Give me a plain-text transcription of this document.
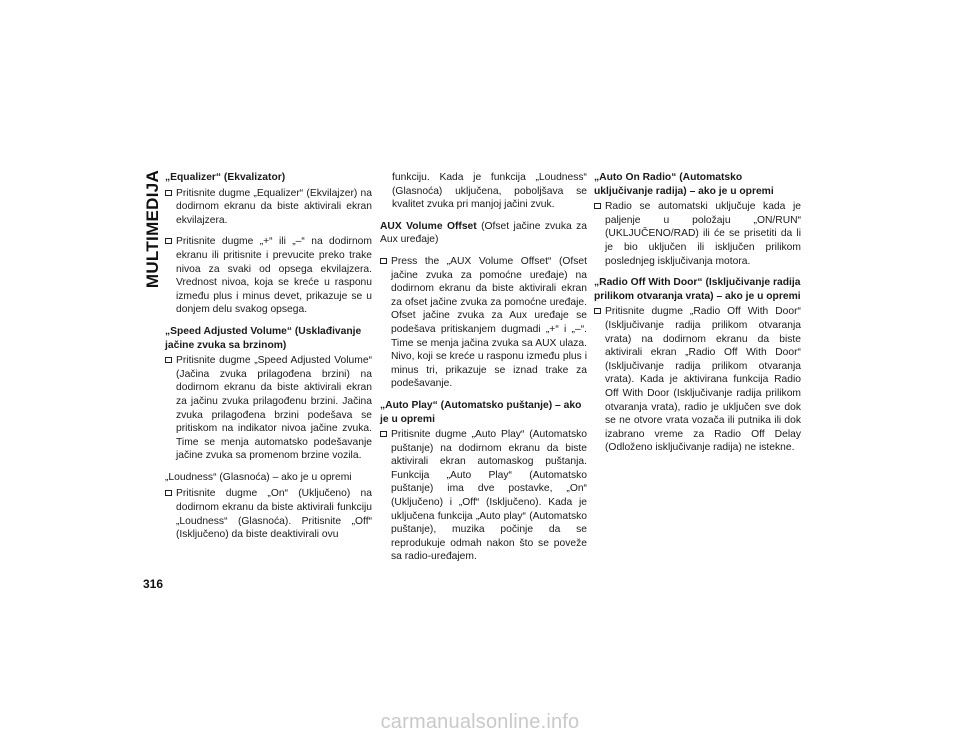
MULTIMEDIJA „Equalizer“ (Ekvalizator)
Pritisnite dugme „Equalizer“ (Ekvilajzer) na dodirnom ekranu da biste aktivirali ekran ekvilajzera.
Pritisnite dugme „+“ ili „–“ na dodirnom ekranu ili pritisnite i prevucite preko trake nivoa za svaki od opsega ekvilajzera. Vrednost nivoa, koja se kreće u rasponu između plus i minus devet, prikazuje se u donjem delu svakog opsega.
„Speed Adjusted Volume“ (Usklađivanje jačine zvuka sa brzinom)
Pritisnite dugme „Speed Adjusted Volume“ (Jačina zvuka prilagođena brzini) na dodirnom ekranu da biste aktivirali ekran za jačinu zvuka prilagođenu brzini. Jačina zvuka prilagođena brzini podešava se pritiskom na indikator nivoa jačine zvuka. Time se menja automatsko podešavanje jačine zvuka sa promenom brzine vozila.
„Loudness“ (Glasnoća) – ako je u opremi
Pritisnite dugme „On“ (Uključeno) na dodirnom ekranu da biste aktivirali funkciju „Loudness“ (Glasnoća). Pritisnite „Off“ (Isključeno) da biste deaktivirali ovu
funkciju. Kada je funkcija „Loudness“ (Glasnoća) uključena, poboljšava se kvalitet zvuka pri manjoj jačini zvuk.
AUX Volume Offset (Ofset jačine zvuka za Aux uređaje)
Press the „AUX Volume Offset“ (Ofset jačine zvuka za pomoćne uređaje) na dodirnom ekranu da biste aktivirali ekran za ofset jačine zvuka za pomoćne uređaje. Ofset jačine zvuka za Aux uređaje se podešava pritiskanjem dugmadi „+“ i „–“. Time se menja jačina zvuka sa AUX ulaza. Nivo, koji se kreće u rasponu između plus i minus tri, prikazuje se iznad trake za podešavanje.
„Auto Play“ (Automatsko puštanje) – ako je u opremi
Pritisnite dugme „Auto Play“ (Automatsko puštanje) na dodirnom ekranu da biste aktivirali ekran automaskog puštanja. Funkcija „Auto Play“ (Automatsko puštanje) ima dve postavke, „On“ (Uključeno) i „Off“ (Isključeno). Kada je uključena funkcija „Auto play“ (Automatsko puštanje), muzika počinje da se reprodukuje odmah nakon što se poveže sa radio-uređajem.
„Auto On Radio“ (Automatsko uključivanje radija) – ako je u opremi
Radio se automatski uključuje kada je paljenje u položaju „ON/RUN“ (UKLJUČENO/RAD) ili će se prisetiti da li je bio uključen ili isključen prilikom poslednjeg isključivanja motora.
„Radio Off With Door“ (Isključivanje radija prilikom otvaranja vrata) – ako je u opremi
Pritisnite dugme „Radio Off With Door“ (Isključivanje radija prilikom otvaranja vrata) na dodirnom ekranu da biste aktivirali ekran „Radio Off With Door“ (Isključivanje radija prilikom otvaranja vrata). Kada je aktivirana funkcija Radio Off With Door (Isključivanje radija prilikom otvaranja vrata), radio je uključen sve dok se ne otvore vrata vozača ili putnika ili dok izabrano vreme za Radio Off Delay (Odloženo isključivanje radija) ne istekne.
316
carmanualsonline.info
